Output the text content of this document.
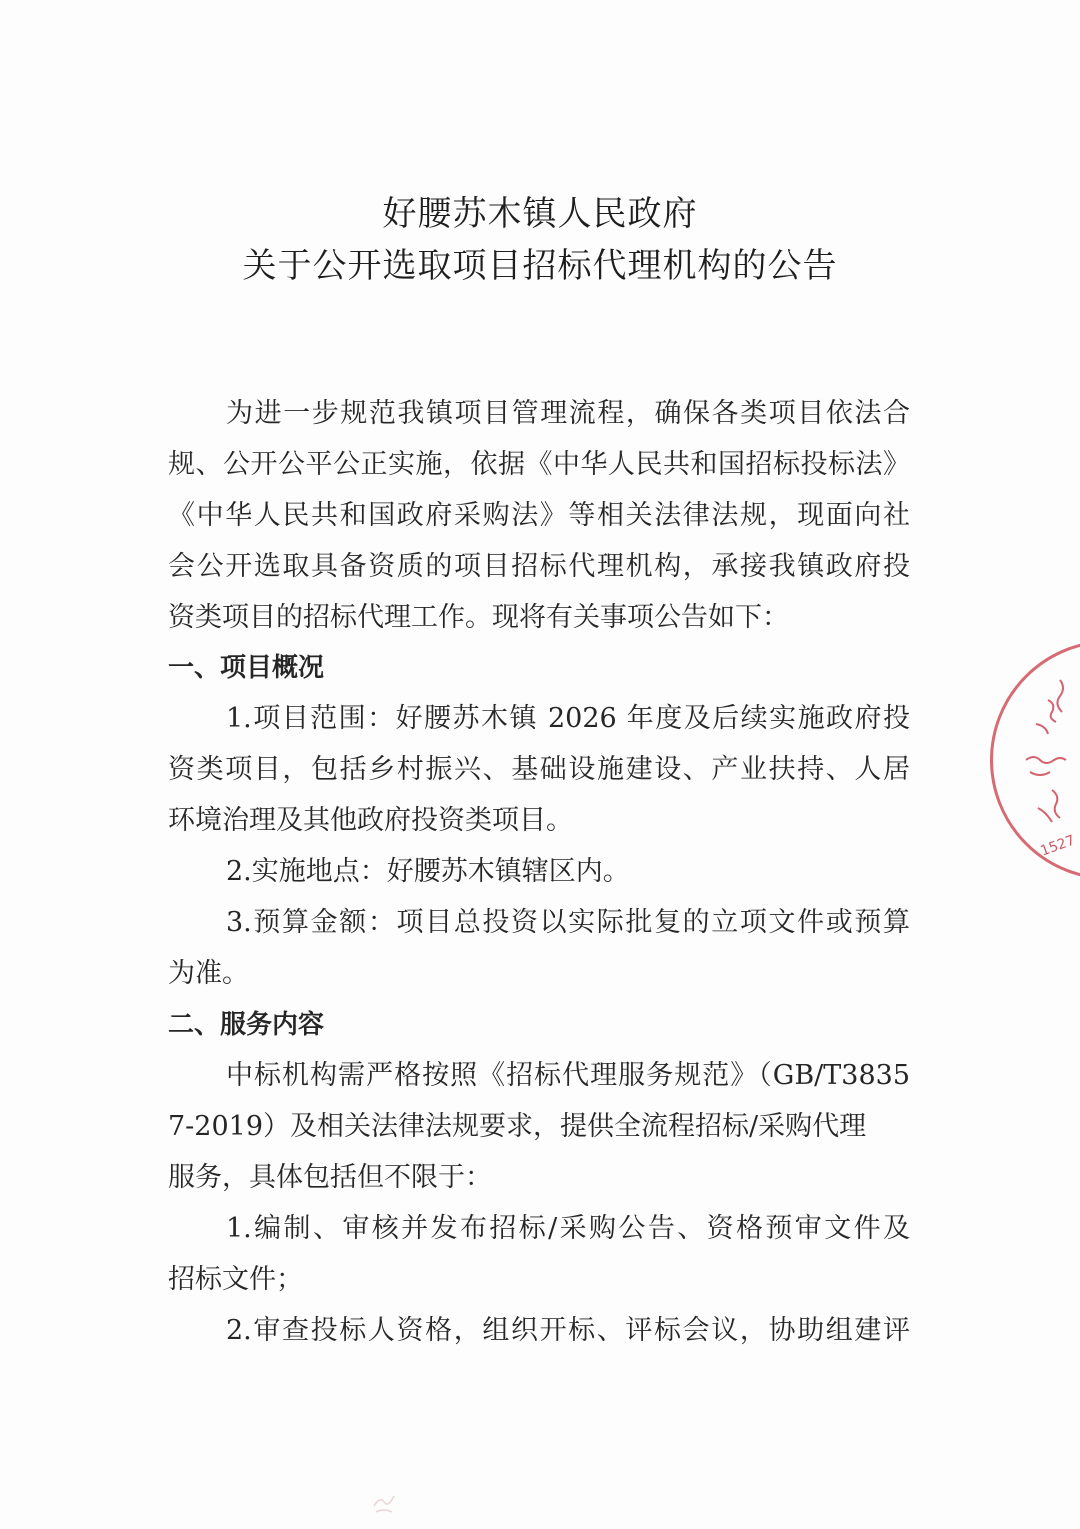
好腰苏木镇人民政府
关于公开选取项目招标代理机构的公告
为进一步规范我镇项目管理流程，确保各类项目依法合
规、公开公平公正实施，依据《中华人民共和国招标投标法》
《中华人民共和国政府采购法》等相关法律法规，现面向社
会公开选取具备资质的项目招标代理机构，承接我镇政府投
资类项目的招标代理工作。现将有关事项公告如下：
一、项目概况
1.项目范围：好腰苏木镇 2026 年度及后续实施政府投
资类项目，包括乡村振兴、基础设施建设、产业扶持、人居
环境治理及其他政府投资类项目。
2.实施地点：好腰苏木镇辖区内。
3.预算金额：项目总投资以实际批复的立项文件或预算
为准。
二、服务内容
中标机构需严格按照《招标代理服务规范》（GB/T3835
7-2019）及相关法律法规要求，提供全流程招标/采购代理
服务，具体包括但不限于：
1.编制、审核并发布招标/采购公告、资格预审文件及
招标文件；
2.审查投标人资格，组织开标、评标会议，协助组建评
1527
